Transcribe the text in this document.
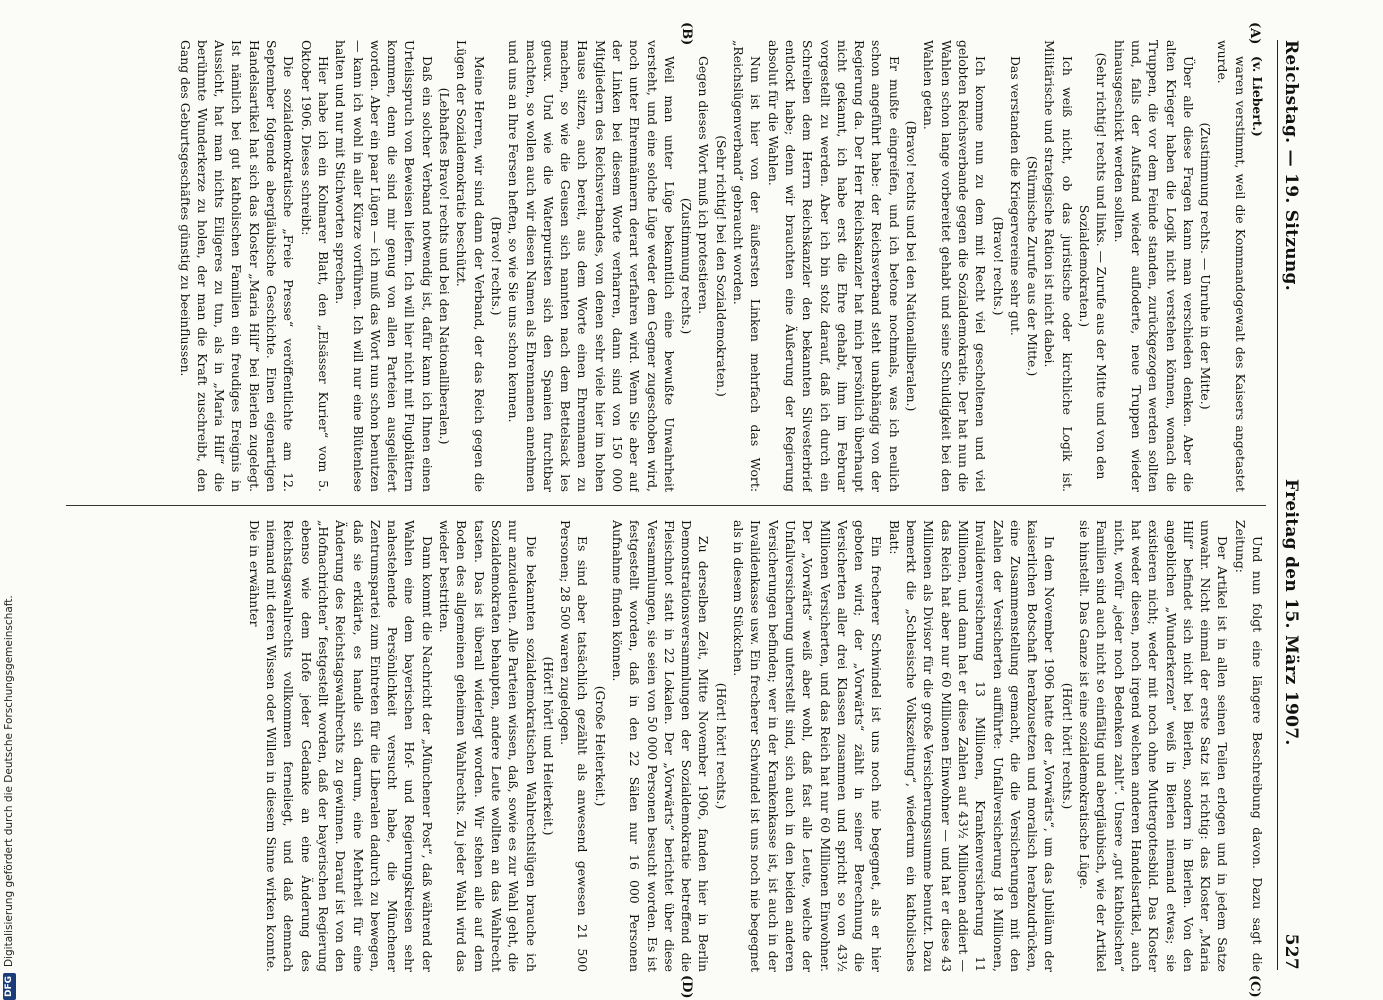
Reichstag. — 19. Sitzung.
Freitag den 15. März 1907.
527
(A)
(B)
(C)
(D)

(v. Liebert.)

waren verstimmt, weil die Kommandogewalt des Kaisers angetastet wurde.

(Zustimmung rechts. — Unruhe in der Mitte.)

Über alle diese Fragen kann man verschieden denken. Aber die alten Krieger haben die Logik nicht verstehen können, wonach die Truppen, die vor dem Feinde standen, zurückgezogen werden sollten und, falls der Aufstand wieder aufloderte, neue Truppen wieder hinausgeschickt werden sollten.

(Sehr richtig! rechts und links. — Zurufe aus der Mitte und von den Sozialdemokraten.)

Ich weiß nicht, ob das juristische oder kirchliche Logik ist. Militärische und strategische Ration ist nicht dabei.

(Stürmische Zurufe aus der Mitte.)

Das verstanden die Kriegervereine sehr gut.

(Bravo! rechts.)

Ich komme nun zu dem mit Recht viel gescholtenen und viel gelobten Reichsverbande gegen die Sozialdemokratie. Der hat nun die Wahlen schon lange vorbereitet gehabt und seine Schuldigkeit bei den Wahlen getan.

(Bravo! rechts und bei den Nationalliberalen.)

Er mußte eingreifen, und ich betone nochmals, was ich neulich schon angeführt habe: der Reichsverband steht unabhängig von der Regierung da. Der Herr Reichskanzler hat mich persönlich überhaupt nicht gekannt, ich habe erst die Ehre gehabt, ihm im Februar vorgestellt zu werden. Aber ich bin stolz darauf, daß ich durch ein Schreiben dem Herrn Reichskanzler den bekannten Silvesterbrief entlockt habe; denn wir brauchten eine Äußerung der Regierung absolut für die Wahlen.

Nun ist hier von der äußersten Linken mehrfach das Wort: „Reichslügenverband“ gebraucht worden.

(Sehr richtig! bei den Sozialdemokraten.)

Gegen dieses Wort muß ich protestieren.

(Zustimmung rechts.)

Weil man unter Lüge bekanntlich eine bewußte Unwahrheit versteht, und eine solche Lüge weder dem Gegner zugeschoben wird, noch unter Ehrenmännern derart verfahren wird. Wenn Sie aber auf der Linken bei diesem Worte verharren, dann sind von 150 000 Mitgliedern des Reichsverbandes, von denen sehr viele hier im hohen Hause sitzen, auch bereit, aus dem Worte einen Ehrennamen zu machen, so wie die Geusen sich nannten nach dem Bettelsack les gueux. Und wie die Waterpuristen sich den Spanien furchtbar machten, so wollen auch wir diesen Namen als Ehrennamen annehmen und uns an Ihre Fersen heften, so wie Sie uns schon kennen.

(Bravo! rechts.)

Meine Herren, wir sind dann der Verband, der das Reich gegen die Lügen der Sozialdemokratie beschützt.

(Lebhaftes Bravo! rechts und bei den Nationalliberalen.)

Daß ein solcher Verband notwendig ist, dafür kann ich Ihnen einen Urteilsspruch von Beweisen liefern. Ich will hier nicht mit Flugblättern kommen, denn die sind mir genug von allen Parteien ausgeliefert worden. Aber ein paar Lügen — ich muß das Wort nun schon benutzen — kann ich wohl in aller Kürze vorführen. Ich will nur eine Blütenlese halten und nur mit Stichworten sprechen.

Hier habe ich ein Kolmarer Blatt, den „Elsässer Kurier“ vom 5. Oktober 1906. Dieses schreibt:

Die sozialdemokratische „Freie Presse“ veröffentlichte am 12. September folgende abergläubische Geschichte. Einen eigenartigen Handelsartikel hat sich das Kloster „Maria Hilf“ bei Bierlen zugelegt. Ist nämlich bei gut katholischen Familien ein freudiges Ereignis in Aussicht, hat man nichts Eiligeres zu tun, als in „Maria Hilf“ die berühmte Wunderkerze zu holen, der man die Kraft zuschreibt, den Gang des Geburtsgeschäftes günstig zu beeinflussen.

Und nun folgt eine längere Beschreibung davon. Dazu sagt die Zeitung:

Der Artikel ist in allen seinen Teilen erlogen und in jedem Satze unwahr. Nicht einmal der erste Satz ist richtig: das Kloster „Maria Hilf“ befindet sich nicht bei Bierlen, sondern in Bierlen. Von den angeblichen „Wunderkerzen“ weiß in Bierlen niemand etwas; sie existieren nicht; weder mit noch ohne Muttergottesbild. Das Kloster hat weder diesen, noch irgend welchen anderen Handelsartikel, auch nicht, wofür „jeder noch Bedenken zahlt“. Unsere „gut katholischen“ Familien sind auch nicht so einfältig und abergläubisch, wie der Artikel sie hinstellt. Das Ganze ist eine sozialdemokratische Lüge.

(Hört! hört! rechts.)

In dem November 1906 hatte der „Vorwärts“, um das Jubiläum der kaiserlichen Botschaft herabzusetzen und moralisch herabzudrücken, eine Zusammenstellung gemacht, die die Versicherungen mit den Zahlen der Versicherten aufführte: Unfallversicherung 18 Millionen, Invalidenversicherung 13 Millionen, Krankenversicherung 11 Millionen, und dann hat er diese Zahlen auf 43½ Millionen addiert — das Reich hat aber nur 60 Millionen Einwohner — und hat er diese 43 Millionen als Divisor für die große Versicherungssumme benutzt. Dazu bemerkt die „Schlesische Volkszeitung“, wiederum ein katholisches Blatt:

Ein frecherer Schwindel ist uns noch nie begegnet, als er hier geboten wird; der „Vorwärts“ zählt in seiner Berechnung die Versicherten aller drei Klassen zusammen und spricht so von 43½ Millionen Versicherten, und das Reich hat nur 60 Millionen Einwohner. Der „Vorwärts“ weiß aber wohl, daß fast alle Leute, welche der Unfallversicherung unterstellt sind, sich auch in den beiden anderen Versicherungen befinden; wer in der Krankenkasse ist, ist auch in der Invalidenkasse usw. Ein frecherer Schwindel ist uns noch nie begegnet als in diesem Stückchen.

(Hört! hört! rechts.)

Zu derselben Zeit, Mitte November 1906, fanden hier in Berlin Demonstrationsversammlungen der Sozialdemokratie betreffend die Fleischnot statt in 22 Lokalen. Der „Vorwärts“ berichtet über diese Versammlungen, sie seien von 50 000 Personen besucht worden. Es ist festgestellt worden, daß in den 22 Sälen nur 16 000 Personen Aufnahme finden können.

(Große Heiterkeit.)

Es sind aber tatsächlich gezählt als anwesend gewesen 21 500 Personen; 28 500 waren zugelogen.

(Hört! hört! und Heiterkeit.)

Die bekannten sozialdemokratischen Wahlrechtslügen brauche ich nur anzudeuten. Alle Parteien wissen, daß, sowie es zur Wahl geht, die Sozialdemokraten behaupten, andere Leute wollten an das Wahlrecht tasten. Das ist überall widerlegt worden. Wir stehen alle auf dem Boden des allgemeinen geheimen Wahlrechts. Zu jeder Wahl wird das wieder bestritten.

Dann kommt die Nachricht der „Münchener Post“, daß während der Wahlen eine dem bayerischen Hof- und Regierungskreisen sehr nahestehende Persönlichkeit versucht habe, die Münchener Zentrumspartei zum Eintreten für die Liberalen dadurch zu bewegen, daß sie erklärte, es handle sich darum, eine Mehrheit für eine Änderung des Reichstagswahlrechts zu gewinnen. Darauf ist von den „Hofnachrichten“ festgestellt worden, daß der bayerischen Regierung ebenso wie dem Hofe jeder Gedanke an eine Änderung des Reichstagswahlrechts vollkommen ferneliegt, und daß demnach niemand mit deren Wissen oder Willen in diesem Sinne wirken konnte. Die in erwähnter

DFG
Digitalisierung gefördert durch die Deutsche Forschungsgemeinschaft.
